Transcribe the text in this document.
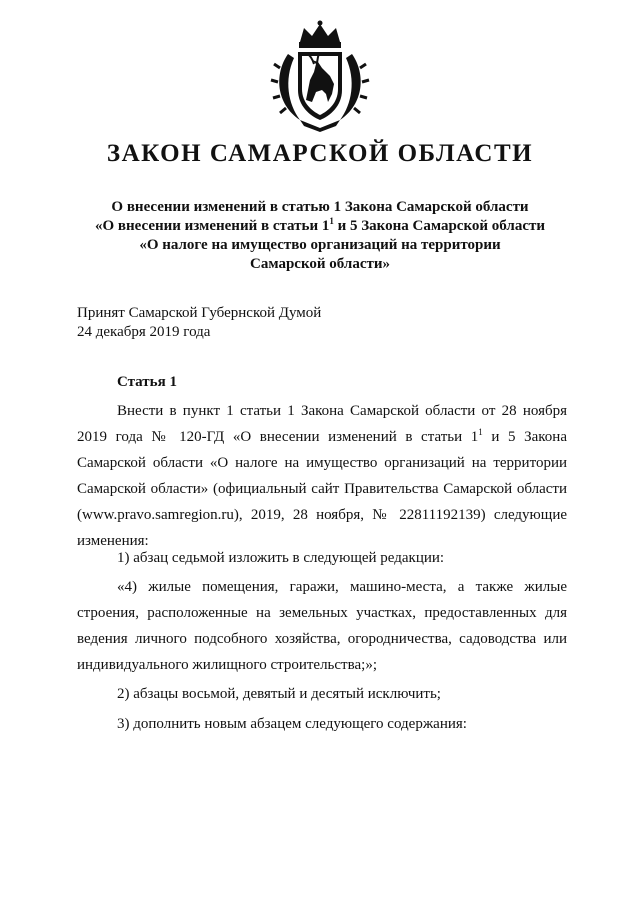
ЗАКОН САМАРСКОЙ ОБЛАСТИ
О внесении изменений в статью 1 Закона Самарской области
«О внесении изменений в статьи $1^1$ и 5 Закона Самарской области
«О налоге на имущество организаций на территории
Самарской области»
Принят Самарской Губернской Думой
24 декабря 2019 года
Статья 1
Внести в пункт 1 статьи 1 Закона Самарской области от 28 ноября 2019 года № 120-ГД «О внесении изменений в статьи $1^1$ и 5 Закона Самарской области «О налоге на имущество организаций на территории Самарской области» (официальный сайт Правительства Самарской области (www.pravo.samregion.ru), 2019, 28 ноября, № 22811192139) следующие изменения:
1) абзац седьмой изложить в следующей редакции:
«4) жилые помещения, гаражи, машино-места, а также жилые строения, расположенные на земельных участках, предоставленных для ведения личного подсобного хозяйства, огородничества, садоводства или индивидуального жилищного строительства;»;
2) абзацы восьмой, девятый и десятый исключить;
3) дополнить новым абзацем следующего содержания:
